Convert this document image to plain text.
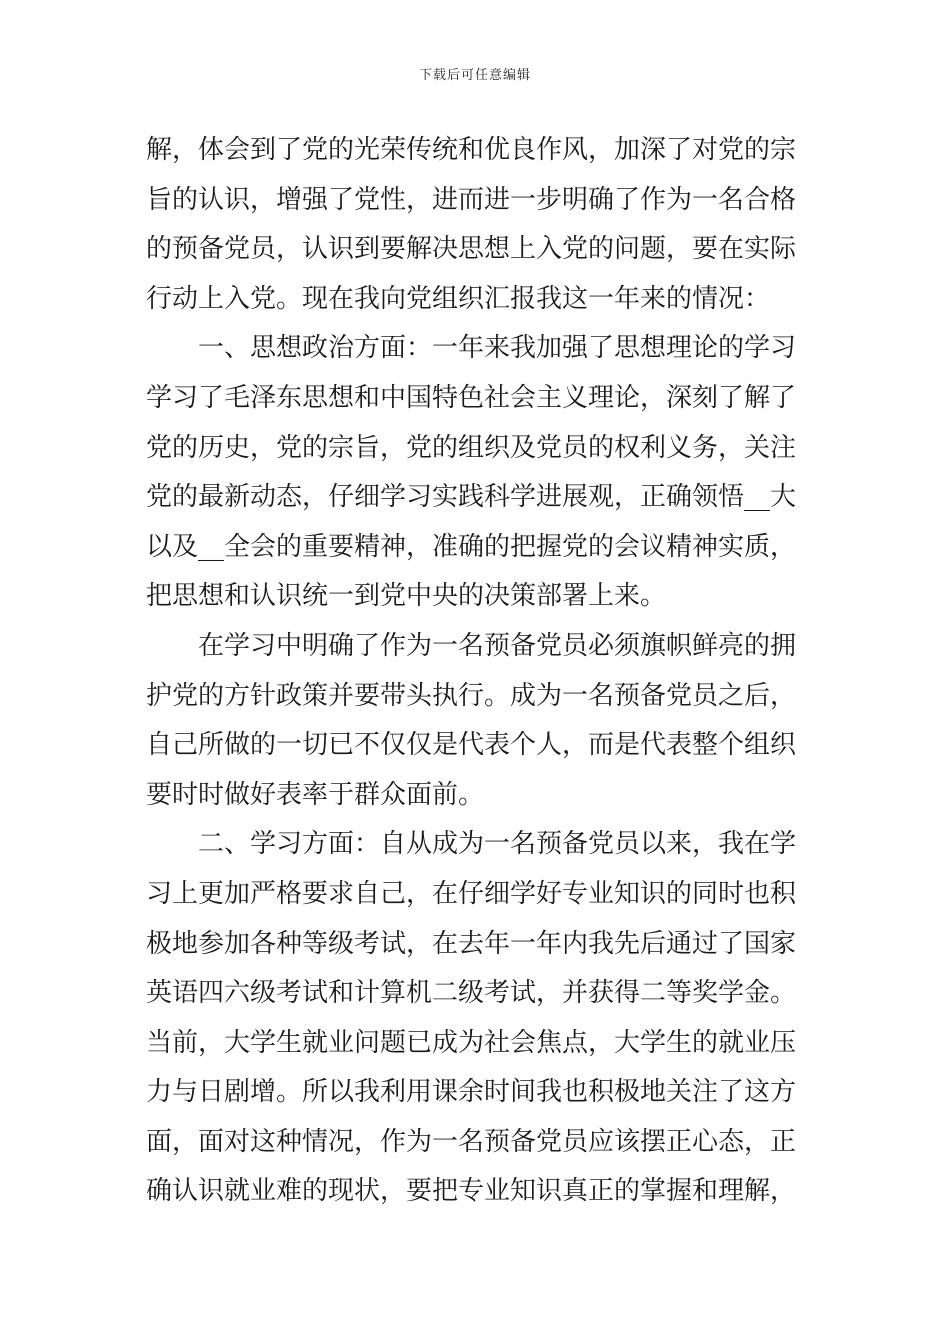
下载后可任意编辑
解，体会到了党的光荣传统和优良作风，加深了对党的宗
旨的认识，增强了党性，进而进一步明确了作为一名合格
的预备党员，认识到要解决思想上入党的问题，要在实际
行动上入党。现在我向党组织汇报我这一年来的情况：
一、思想政治方面：一年来我加强了思想理论的学习
学习了毛泽东思想和中国特色社会主义理论，深刻了解了
党的历史，党的宗旨，党的组织及党员的权利义务，关注
党的最新动态，仔细学习实践科学进展观，正确领悟__大
以及__全会的重要精神，准确的把握党的会议精神实质，
把思想和认识统一到党中央的决策部署上来。
在学习中明确了作为一名预备党员必须旗帜鲜亮的拥
护党的方针政策并要带头执行。成为一名预备党员之后，
自己所做的一切已不仅仅是代表个人，而是代表整个组织
要时时做好表率于群众面前。
二、学习方面：自从成为一名预备党员以来，我在学
习上更加严格要求自己，在仔细学好专业知识的同时也积
极地参加各种等级考试，在去年一年内我先后通过了国家
英语四六级考试和计算机二级考试，并获得二等奖学金。
当前，大学生就业问题已成为社会焦点，大学生的就业压
力与日剧增。所以我利用课余时间我也积极地关注了这方
面，面对这种情况，作为一名预备党员应该摆正心态，正
确认识就业难的现状，要把专业知识真正的掌握和理解，
